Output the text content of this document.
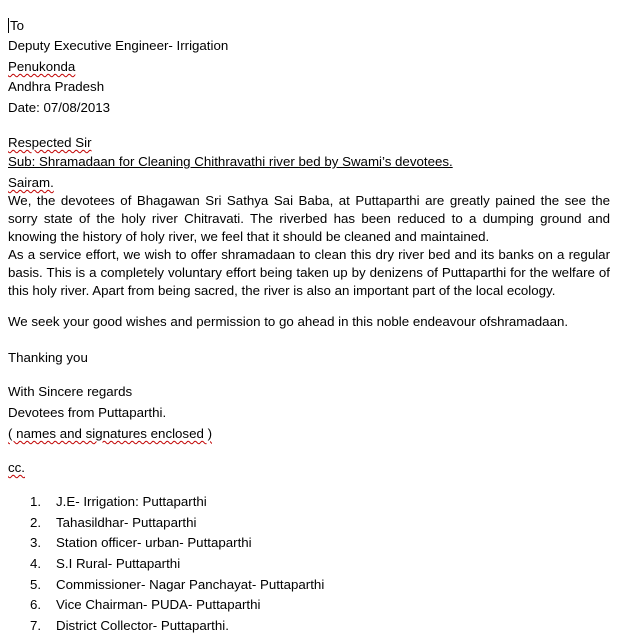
To
Deputy Executive Engineer- Irrigation
Penukonda
Andhra Pradesh
Date: 07/08/2013
Respected Sir
Sub: Shramadaan for Cleaning Chithravathi river bed by Swami’s devotees.
Sairam.
We, the devotees of Bhagawan Sri Sathya Sai Baba, at Puttaparthi are greatly pained the see the sorry state of the holy river Chitravati. The riverbed has been reduced to a dumping ground and knowing the history of holy river, we feel that it should be cleaned and maintained.
As a service effort, we wish to offer shramadaan to clean this dry river bed and its banks on a regular basis. This is a completely voluntary effort being taken up by denizens of Puttaparthi for the welfare of this holy river. Apart from being sacred, the river is also an important part of the local ecology.
We seek your good wishes and permission to go ahead in this noble endeavour ofshramadaan.
Thanking you
With Sincere regards
Devotees from Puttaparthi.
( names and signatures enclosed )
cc.
1. J.E- Irrigation: Puttaparthi
2. Tahasildhar- Puttaparthi
3. Station officer- urban- Puttaparthi
4. S.I Rural- Puttaparthi
5. Commissioner- Nagar Panchayat- Puttaparthi
6. Vice Chairman- PUDA- Puttaparthi
7. District Collector- Puttaparthi.
